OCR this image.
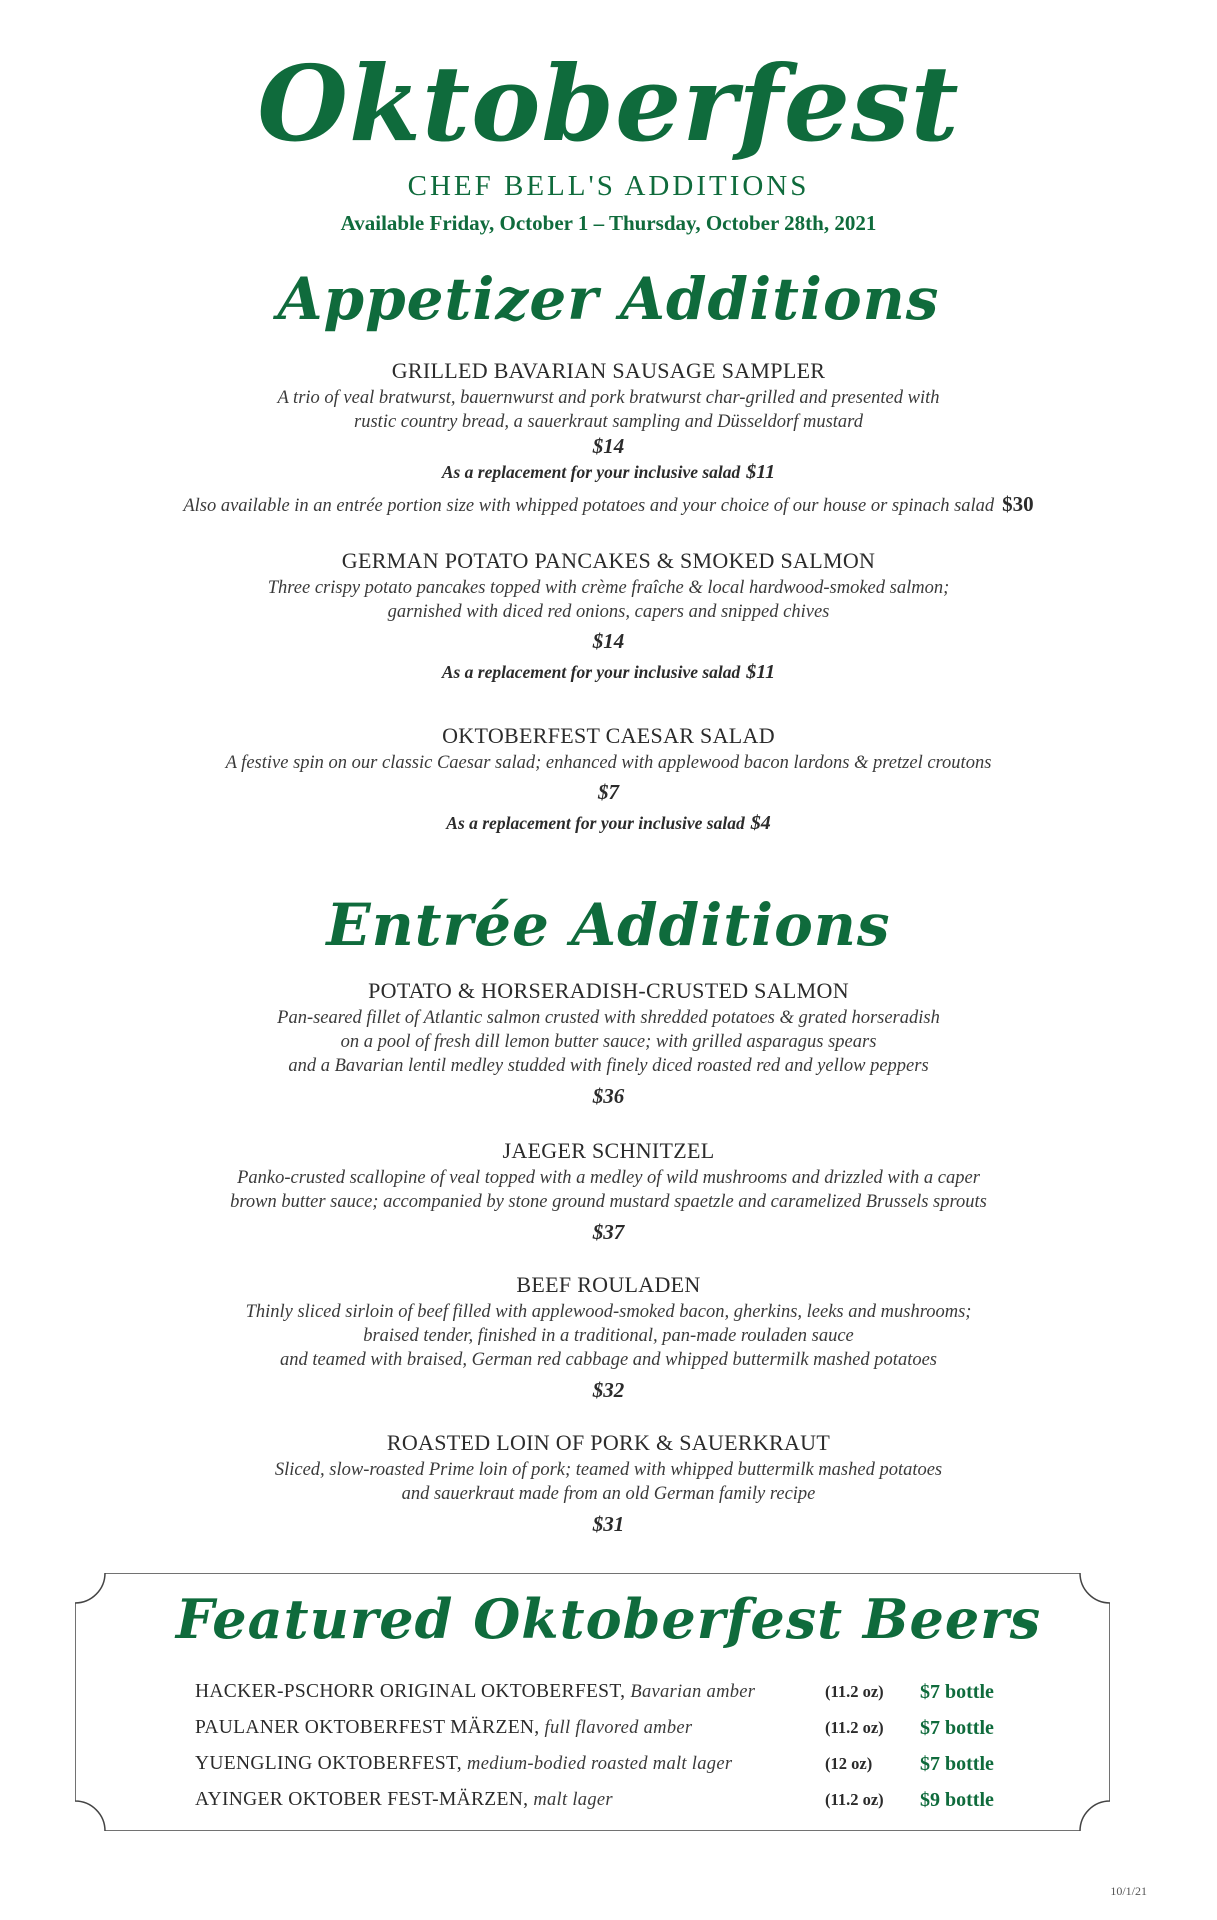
Oktoberfest
CHEF BELL'S ADDITIONS
Available Friday, October 1 – Thursday, October 28th, 2021
Appetizer Additions
GRILLED BAVARIAN SAUSAGE SAMPLER
A trio of veal bratwurst, bauernwurst and pork bratwurst char-grilled and presented with
rustic country bread, a sauerkraut sampling and Düsseldorf mustard
$14
As a replacement for your inclusive salad $11
Also available in an entrée portion size with whipped potatoes and your choice of our house or spinach salad $30
GERMAN POTATO PANCAKES & SMOKED SALMON
Three crispy potato pancakes topped with crème fraîche & local hardwood-smoked salmon;
garnished with diced red onions, capers and snipped chives
$14
As a replacement for your inclusive salad $11
OKTOBERFEST CAESAR SALAD
A festive spin on our classic Caesar salad; enhanced with applewood bacon lardons & pretzel croutons
$7
As a replacement for your inclusive salad $4
Entrée Additions
POTATO & HORSERADISH-CRUSTED SALMON
Pan-seared fillet of Atlantic salmon crusted with shredded potatoes & grated horseradish
on a pool of fresh dill lemon butter sauce; with grilled asparagus spears
and a Bavarian lentil medley studded with finely diced roasted red and yellow peppers
$36
JAEGER SCHNITZEL
Panko-crusted scallopine of veal topped with a medley of wild mushrooms and drizzled with a caper
brown butter sauce; accompanied by stone ground mustard spaetzle and caramelized Brussels sprouts
$37
BEEF ROULADEN
Thinly sliced sirloin of beef filled with applewood-smoked bacon, gherkins, leeks and mushrooms;
braised tender, finished in a traditional, pan-made rouladen sauce
and teamed with braised, German red cabbage and whipped buttermilk mashed potatoes
$32
ROASTED LOIN OF PORK & SAUERKRAUT
Sliced, slow-roasted Prime loin of pork; teamed with whipped buttermilk mashed potatoes
and sauerkraut made from an old German family recipe
$31
Featured Oktoberfest Beers
HACKER-PSCHORR ORIGINAL OKTOBERFEST, Bavarian amber	(11.2 oz) $7 bottle
PAULANER OKTOBERFEST MÄRZEN, full flavored amber	(11.2 oz) $7 bottle
YUENGLING OKTOBERFEST, medium-bodied roasted malt lager	(12 oz) $7 bottle
AYINGER OKTOBER FEST-MÄRZEN, malt lager	(11.2 oz) $9 bottle
10/1/21
